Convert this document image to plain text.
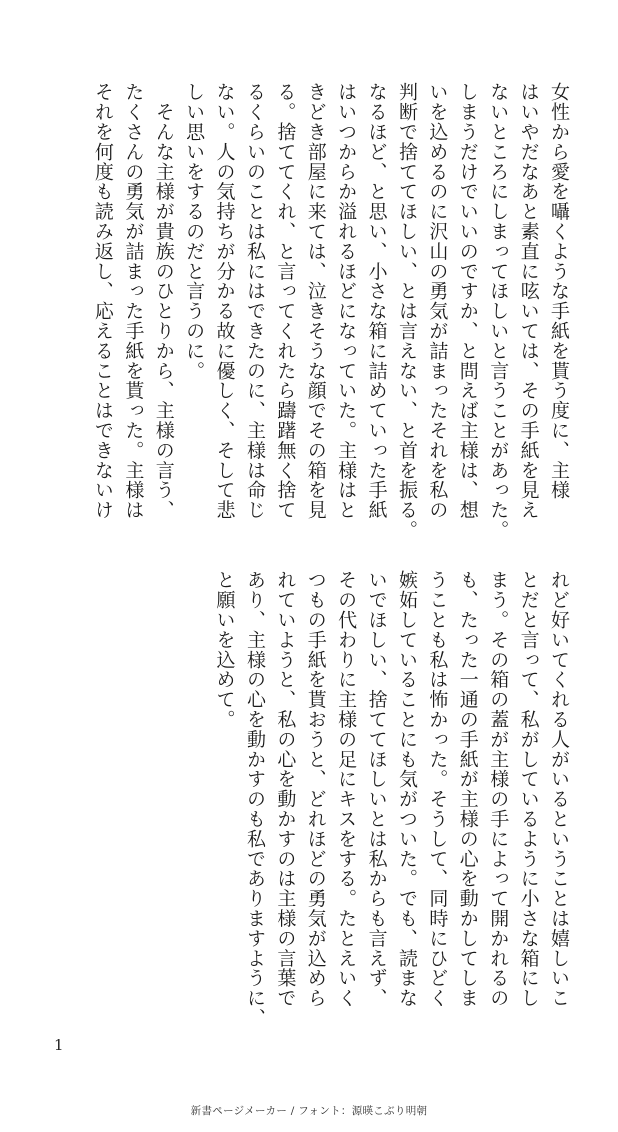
女性から愛を囁くような手紙を貰う度に、主様

はいやだなあと素直に呟いては、その手紙を見え

ないところにしまってほしいと言うことがあった。

しまうだけでいいのですか、と問えば主様は、想

いを込めるのに沢山の勇気が詰まったそれを私の

判断で捨ててほしい、とは言えない、と首を振る。

なるほど、と思い、小さな箱に詰めていった手紙

はいつからか溢れるほどになっていた。主様はと

きどき部屋に来ては、泣きそうな顔でその箱を見

る。捨ててくれ、と言ってくれたら躊躇無く捨て

るくらいのことは私にはできたのに、主様は命じ

ない。人の気持ちが分かる故に優しく、そして悲

しい思いをするのだと言うのに。

　そんな主様が貴族のひとりから、主様の言う、

たくさんの勇気が詰まった手紙を貰った。主様は

それを何度も読み返し、応えることはできないけ

れど好いてくれる人がいるということは嬉しいこ

とだと言って、私がしているように小さな箱にし

まう。その箱の蓋が主様の手によって開かれるの

も、たった一通の手紙が主様の心を動かしてしま

うことも私は怖かった。そうして、同時にひどく

嫉妬していることにも気がついた。でも、読まな

いでほしい、捨ててほしいとは私からも言えず、

その代わりに主様の足にキスをする。たとえいく

つもの手紙を貰おうと、どれほどの勇気が込めら

れていようと、私の心を動かすのは主様の言葉で

あり、主様の心を動かすのも私でありますように、

と願いを込めて。

1
新書ページメーカー / フォント：源暎こぶり明朝
